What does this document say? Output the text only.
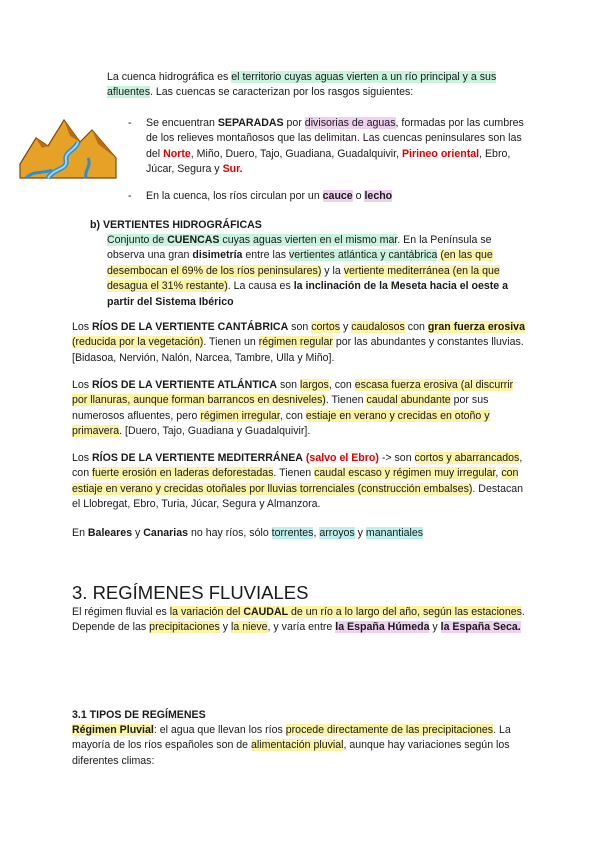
La cuenca hidrográfica es el territorio cuyas aguas vierten a un río principal y a sus afluentes. Las cuencas se caracterizan por los rasgos siguientes:
- Se encuentran SEPARADAS por divisorias de aguas, formadas por las cumbres de los relieves montañosos que las delimitan. Las cuencas peninsulares son las del Norte, Miño, Duero, Tajo, Guadiana, Guadalquivir, Pirineo oriental, Ebro, Júcar, Segura y Sur.
- En la cuenca, los ríos circulan por un cauce o lecho
b) VERTIENTES HIDROGRÁFICAS
Conjunto de CUENCAS cuyas aguas vierten en el mismo mar. En la Península se observa una gran disimetría entre las vertientes atlántica y cantábrica (en las que desembocan el 69% de los ríos peninsulares) y la vertiente mediterránea (en la que desagua el 31% restante). La causa es la inclinación de la Meseta hacia el oeste a partir del Sistema Ibérico
Los RÍOS DE LA VERTIENTE CANTÁBRICA son cortos y caudalosos con gran fuerza erosiva (reducida por la vegetación). Tienen un régimen regular por las abundantes y constantes lluvias. [Bidasoa, Nervión, Nalón, Narcea, Tambre, Ulla y Miño].
Los RÍOS DE LA VERTIENTE ATLÁNTICA son largos, con escasa fuerza erosiva (al discurrir por llanuras, aunque forman barrancos en desniveles). Tienen caudal abundante por sus numerosos afluentes, pero régimen irregular, con estiaje en verano y crecidas en otoño y primavera. [Duero, Tajo, Guadiana y Guadalquivir].
Los RÍOS DE LA VERTIENTE MEDITERRÁNEA (salvo el Ebro) -> son cortos y abarrancados, con fuerte erosión en laderas deforestadas. Tienen caudal escaso y régimen muy irregular, con estiaje en verano y crecidas otoñales por lluvias torrenciales (construcción embalses). Destacan el Llobregat, Ebro, Turia, Júcar, Segura y Almanzora.
En Baleares y Canarias no hay ríos, sólo torrentes, arroyos y manantiales
3. REGÍMENES FLUVIALES
El régimen fluvial es la variación del CAUDAL de un río a lo largo del año, según las estaciones. Depende de las precipitaciones y la nieve, y varía entre la España Húmeda y la España Seca.
3.1 TIPOS DE REGÍMENES
Régimen Pluvial: el agua que llevan los ríos procede directamente de las precipitaciones. La mayoría de los ríos españoles son de alimentación pluvial, aunque hay variaciones según los diferentes climas:
